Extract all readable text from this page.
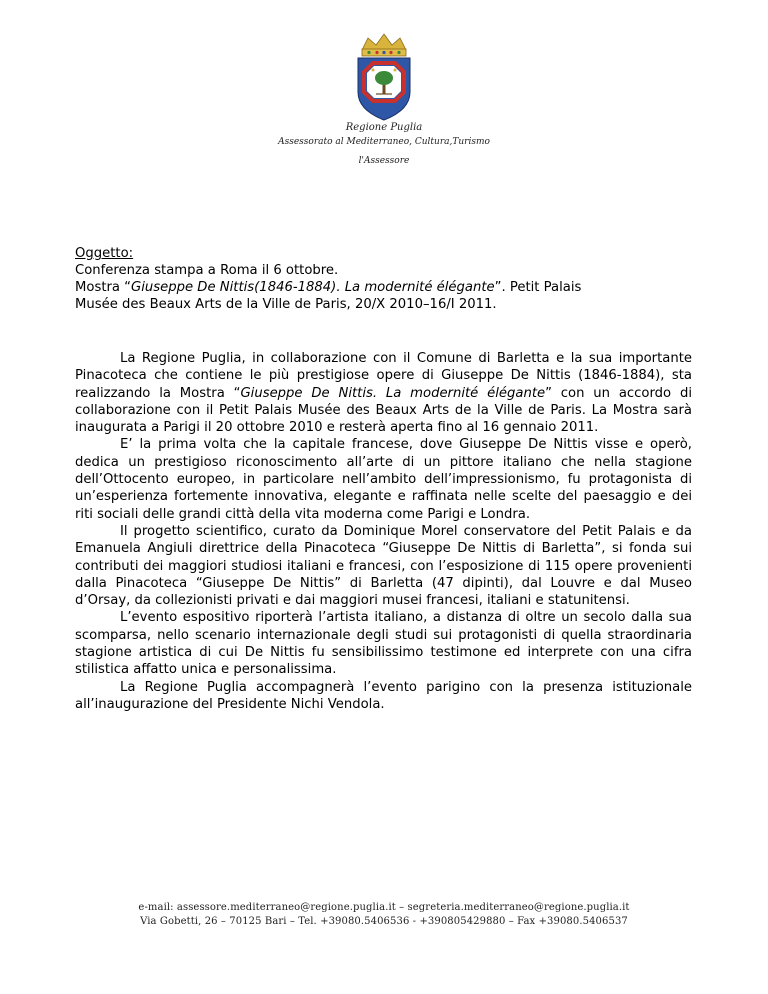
Regione Puglia
Assessorato al Mediterraneo, Cultura,Turismo
l'Assessore
Oggetto:
Conferenza stampa a Roma il 6 ottobre.
Mostra “Giuseppe De Nittis(1846-1884). La modernité élégante”. Petit Palais
Musée des Beaux Arts de la Ville de Paris, 20/X 2010–16/I 2011.

La Regione Puglia, in collaborazione con il Comune di Barletta e la sua importante Pinacoteca che contiene le più prestigiose opere di Giuseppe De Nittis (1846-1884), sta realizzando la Mostra “Giuseppe De Nittis. La modernité élégante” con un accordo di collaborazione con il Petit Palais Musée des Beaux Arts de la Ville de Paris. La Mostra sarà inaugurata a Parigi il 20 ottobre 2010 e resterà aperta fino al 16 gennaio 2011.

E’ la prima volta che la capitale francese, dove Giuseppe De Nittis visse e operò, dedica un prestigioso riconoscimento all’arte di un pittore italiano che nella stagione dell’Ottocento europeo, in particolare nell’ambito dell’impressionismo, fu protagonista di un’esperienza fortemente innovativa, elegante e raffinata nelle scelte del paesaggio e dei riti sociali delle grandi città della vita moderna come Parigi e Londra.

Il progetto scientifico, curato da Dominique Morel conservatore del Petit Palais e da Emanuela Angiuli direttrice della Pinacoteca “Giuseppe De Nittis di Barletta”, si fonda sui contributi dei maggiori studiosi italiani e francesi, con l’esposizione di 115 opere provenienti dalla Pinacoteca “Giuseppe De Nittis” di Barletta (47 dipinti), dal Louvre e dal Museo d’Orsay, da collezionisti privati e dai maggiori musei francesi, italiani e statunitensi.

L’evento espositivo riporterà l’artista italiano, a distanza di oltre un secolo dalla sua scomparsa, nello scenario internazionale degli studi sui protagonisti di quella straordinaria stagione artistica di cui De Nittis fu sensibilissimo testimone ed interprete con una cifra stilistica affatto unica e personalissima.

La Regione Puglia accompagnerà l’evento parigino con la presenza istituzionale all’inaugurazione del Presidente Nichi Vendola.

e-mail: assessore.mediterraneo@regione.puglia.it – segreteria.mediterraneo@regione.puglia.it
Via Gobetti, 26 – 70125 Bari – Tel. +39080.5406536 - +390805429880 – Fax +39080.5406537
